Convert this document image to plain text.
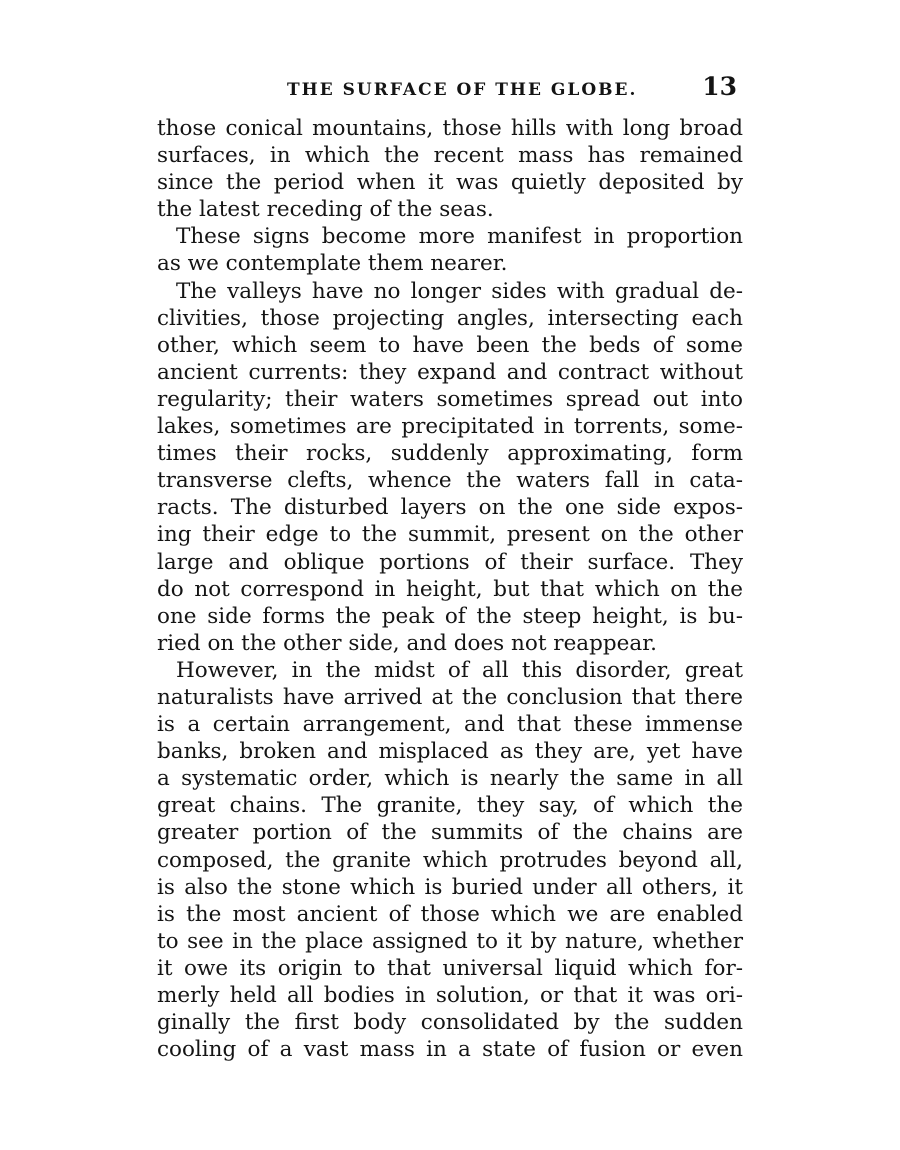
THE SURFACE OF THE GLOBE.	13
those conical mountains, those hills with long broad
surfaces, in which the recent mass has remained
since the period when it was quietly deposited by
the latest receding of the seas.
These signs become more manifest in proportion
as we contemplate them nearer.
The valleys have no longer sides with gradual de-
clivities, those projecting angles, intersecting each
other, which seem to have been the beds of some
ancient currents: they expand and contract without
regularity; their waters sometimes spread out into
lakes, sometimes are precipitated in torrents, some-
times their rocks, suddenly approximating, form
transverse clefts, whence the waters fall in cata-
racts. The disturbed layers on the one side expos-
ing their edge to the summit, present on the other
large and oblique portions of their surface. They
do not correspond in height, but that which on the
one side forms the peak of the steep height, is bu-
ried on the other side, and does not reappear.
However, in the midst of all this disorder, great
naturalists have arrived at the conclusion that there
is a certain arrangement, and that these immense
banks, broken and misplaced as they are, yet have
a systematic order, which is nearly the same in all
great chains. The granite, they say, of which the
greater portion of the summits of the chains are
composed, the granite which protrudes beyond all,
is also the stone which is buried under all others, it
is the most ancient of those which we are enabled
to see in the place assigned to it by nature, whether
it owe its origin to that universal liquid which for-
merly held all bodies in solution, or that it was ori-
ginally the first body consolidated by the sudden
cooling of a vast mass in a state of fusion or even
